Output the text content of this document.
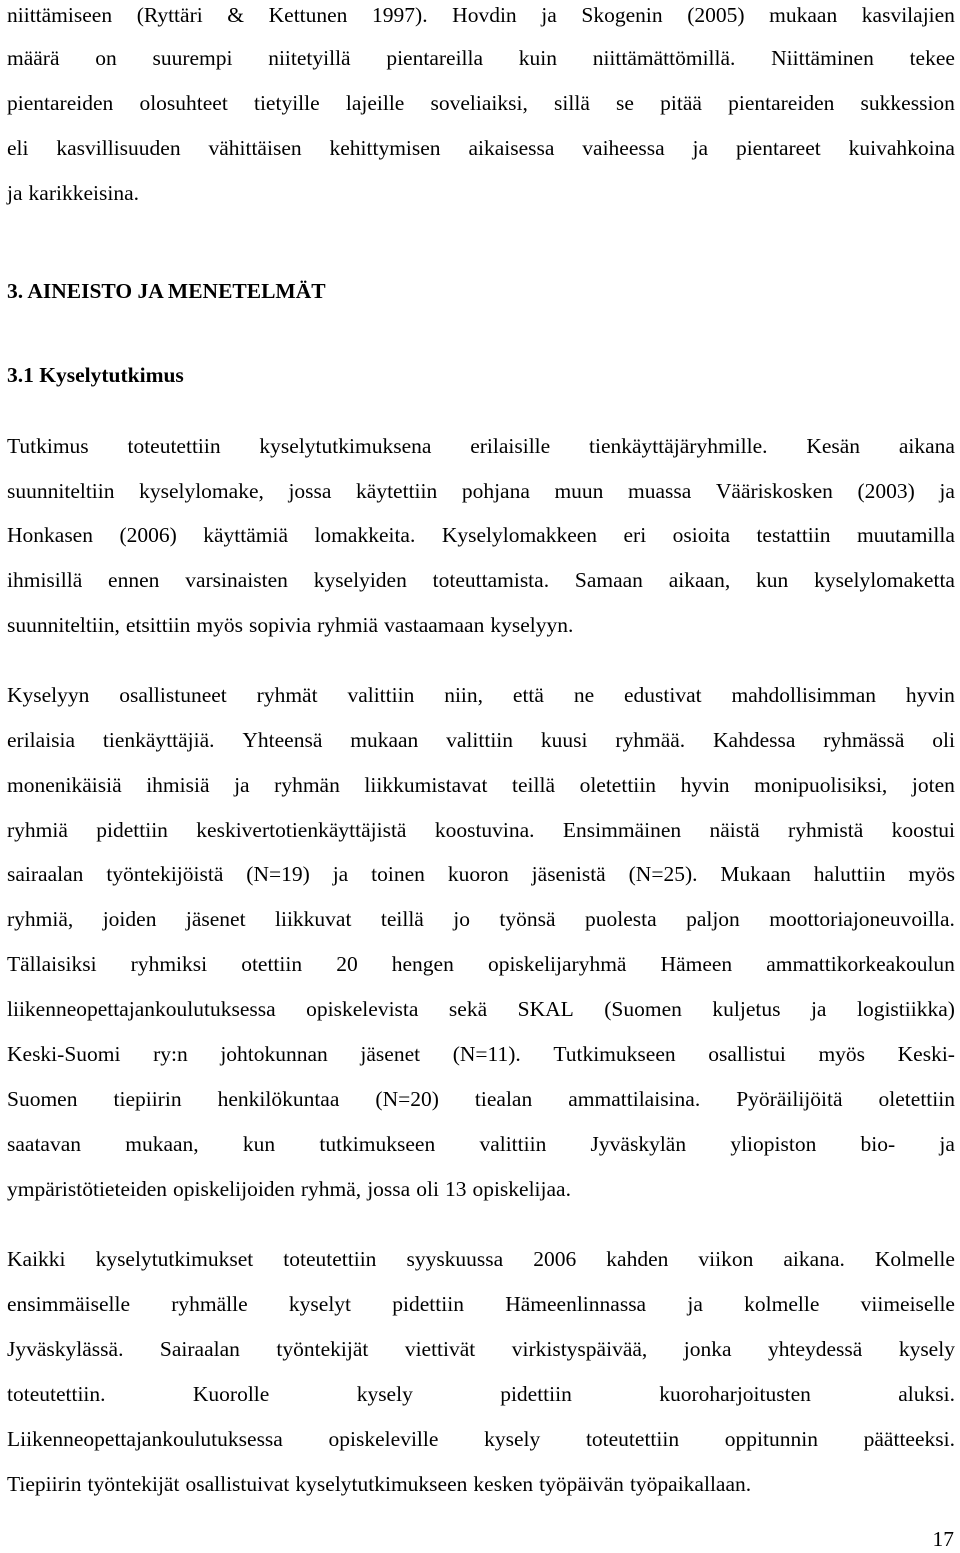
niittämiseen (Ryttäri & Kettunen 1997). Hovdin ja Skogenin (2005) mukaan kasvilajien
määrä on suurempi niitetyillä pientareilla kuin niittämättömillä. Niittäminen tekee
pientareiden olosuhteet tietyille lajeille soveliaiksi, sillä se pitää pientareiden sukkession
eli kasvillisuuden vähittäisen kehittymisen aikaisessa vaiheessa ja pientareet kuivahkoina
ja karikkeisina.
3. AINEISTO JA MENETELMÄT
3.1 Kyselytutkimus
Tutkimus toteutettiin kyselytutkimuksena erilaisille tienkäyttäjäryhmille. Kesän aikana
suunniteltiin kyselylomake, jossa käytettiin pohjana muun muassa Vääriskosken (2003) ja
Honkasen (2006) käyttämiä lomakkeita. Kyselylomakkeen eri osioita testattiin muutamilla
ihmisillä ennen varsinaisten kyselyiden toteuttamista. Samaan aikaan, kun kyselylomaketta
suunniteltiin, etsittiin myös sopivia ryhmiä vastaamaan kyselyyn.
Kyselyyn osallistuneet ryhmät valittiin niin, että ne edustivat mahdollisimman hyvin
erilaisia tienkäyttäjiä. Yhteensä mukaan valittiin kuusi ryhmää. Kahdessa ryhmässä oli
monenikäisiä ihmisiä ja ryhmän liikkumistavat teillä oletettiin hyvin monipuolisiksi, joten
ryhmiä pidettiin keskivertotienkäyttäjistä koostuvina. Ensimmäinen näistä ryhmistä koostui
sairaalan työntekijöistä (N=19) ja toinen kuoron jäsenistä (N=25). Mukaan haluttiin myös
ryhmiä, joiden jäsenet liikkuvat teillä jo työnsä puolesta paljon moottoriajoneuvoilla.
Tällaisiksi ryhmiksi otettiin 20 hengen opiskelijaryhmä Hämeen ammattikorkeakoulun
liikenneopettajankoulutuksessa opiskelevista sekä SKAL (Suomen kuljetus ja logistiikka)
Keski-Suomi ry:n johtokunnan jäsenet (N=11). Tutkimukseen osallistui myös Keski-
Suomen tiepiirin henkilökuntaa (N=20) tiealan ammattilaisina. Pyöräilijöitä oletettiin
saatavan mukaan, kun tutkimukseen valittiin Jyväskylän yliopiston bio- ja
ympäristötieteiden opiskelijoiden ryhmä, jossa oli 13 opiskelijaa.
Kaikki kyselytutkimukset toteutettiin syyskuussa 2006 kahden viikon aikana. Kolmelle
ensimmäiselle ryhmälle kyselyt pidettiin Hämeenlinnassa ja kolmelle viimeiselle
Jyväskylässä. Sairaalan työntekijät viettivät virkistyspäivää, jonka yhteydessä kysely
toteutettiin.	Kuorolle	kysely	pidettiin	kuoroharjoitusten	aluksi.
Liikenneopettajankoulutuksessa opiskeleville kysely toteutettiin oppitunnin päätteeksi.
Tiepiirin työntekijät osallistuivat kyselytutkimukseen kesken työpäivän työpaikallaan.
17
